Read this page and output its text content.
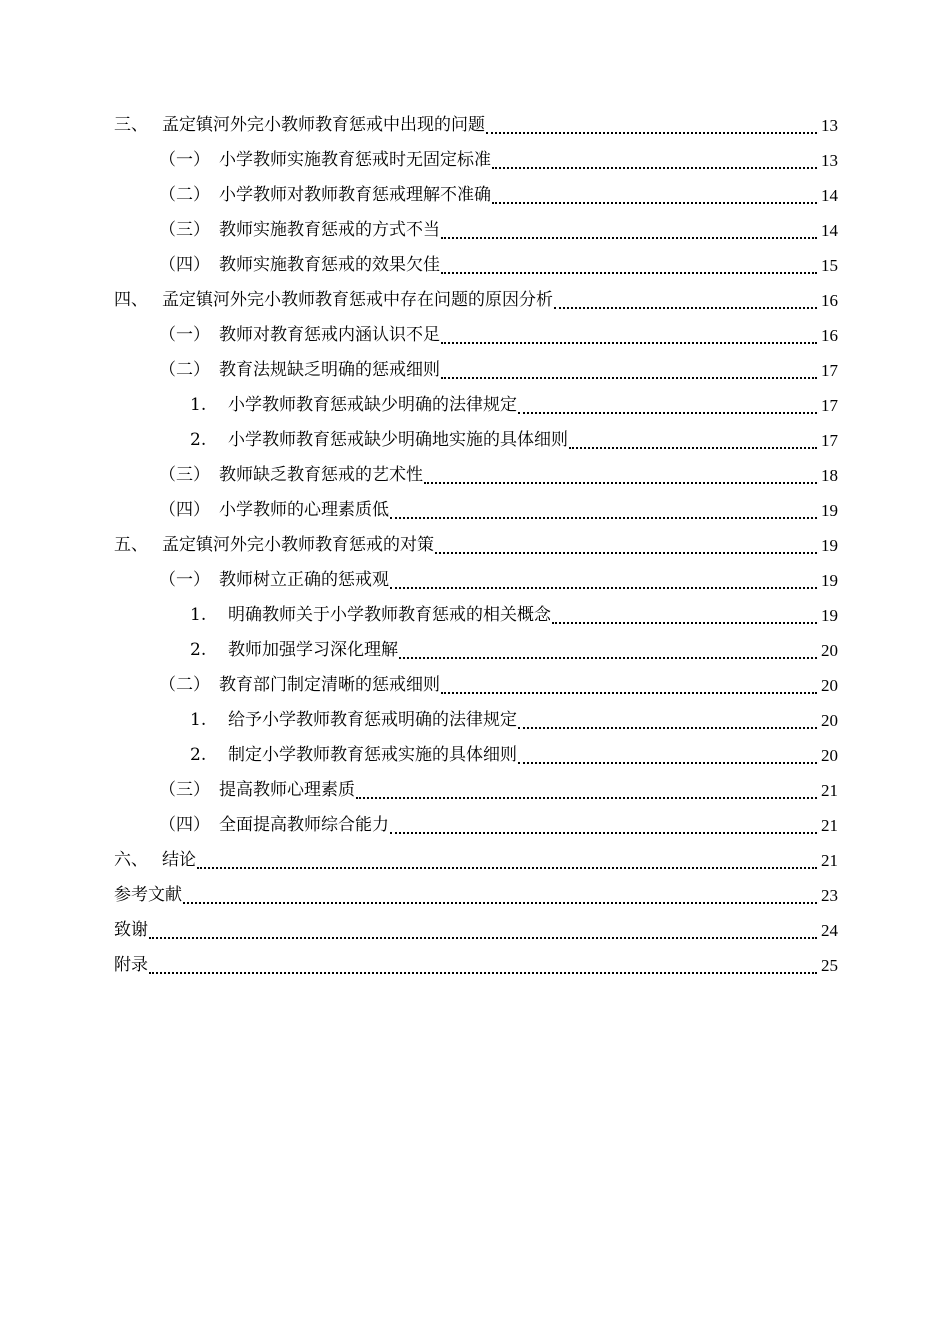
三、 孟定镇河外完小教师教育惩戒中出现的问题	13
（一） 小学教师实施教育惩戒时无固定标准	13
（二） 小学教师对教师教育惩戒理解不准确	14
（三） 教师实施教育惩戒的方式不当	14
（四） 教师实施教育惩戒的效果欠佳	15
四、 孟定镇河外完小教师教育惩戒中存在问题的原因分析	16
（一） 教师对教育惩戒内涵认识不足	16
（二） 教育法规缺乏明确的惩戒细则	17
1.	小学教师教育惩戒缺少明确的法律规定	17
2.	小学教师教育惩戒缺少明确地实施的具体细则	17
（三） 教师缺乏教育惩戒的艺术性	18
（四） 小学教师的心理素质低	19
五、 孟定镇河外完小教师教育惩戒的对策	19
（一） 教师树立正确的惩戒观	19
1.	明确教师关于小学教师教育惩戒的相关概念	19
2.	教师加强学习深化理解	20
（二） 教育部门制定清晰的惩戒细则	20
1.	给予小学教师教育惩戒明确的法律规定	20
2.	制定小学教师教育惩戒实施的具体细则	20
（三） 提高教师心理素质	21
（四） 全面提高教师综合能力	21
六、 结论	21
参考文献	23
致谢	24
附录	25
